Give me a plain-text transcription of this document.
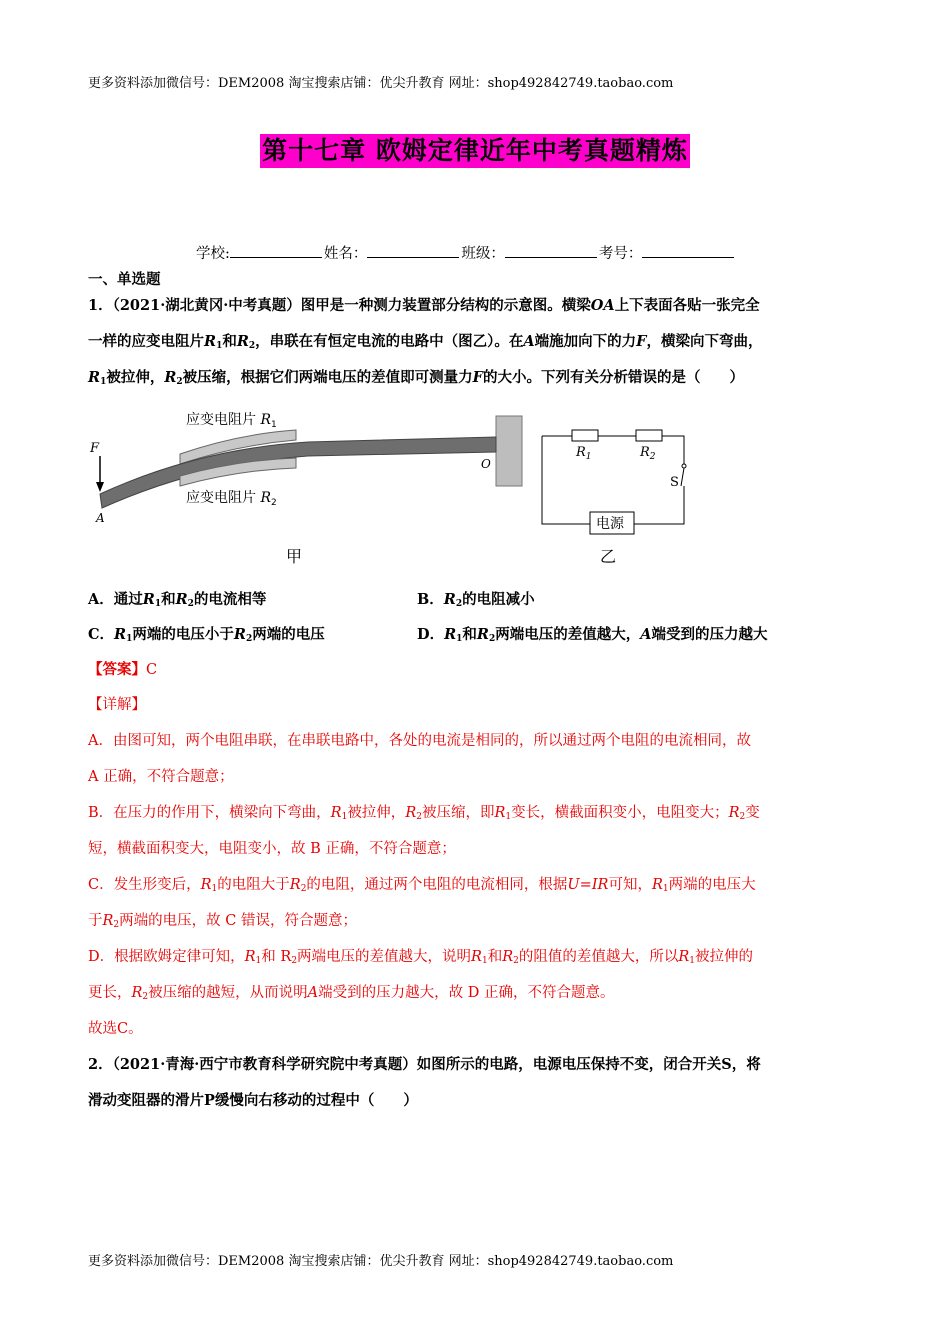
更多资料添加微信号：DEM2008 淘宝搜索店铺：优尖升教育 网址：shop492842749.taobao.com
第十七章 欧姆定律近年中考真题精炼
学校:	姓名：	班级：	考号：
一、单选题
1．（2021·湖北黄冈·中考真题）图甲是一种测力装置部分结构的示意图。横梁OA上下表面各贴一张完全
一样的应变电阻片$R_1$和$R_2$，串联在有恒定电流的电路中（图乙）。在A端施加向下的力F，横梁向下弯曲，
$R_1$被拉伸，$R_2$被压缩，根据它们两端电压的差值即可测量力F的大小。下列有关分析错误的是（　　）
F
A
O
应变电阻片 $R_1$
应变电阻片 $R_2$
甲
电源
S
$R_1$	$R_2$
乙
A．通过$R_1$和$R_2$的电流相等	B．$R_2$的电阻减小
C．$R_1$两端的电压小于$R_2$两端的电压	D．$R_1$和$R_2$两端电压的差值越大，A端受到的压力越大
【答案】C
【详解】
A．由图可知，两个电阻串联，在串联电路中，各处的电流是相同的，所以通过两个电阻的电流相同，故
A 正确，不符合题意；
B．在压力的作用下，横梁向下弯曲，$R_1$被拉伸，$R_2$被压缩，即$R_1$变长，横截面积变小，电阻变大；$R_2$变
短，横截面积变大，电阻变小，故 B 正确，不符合题意；
C．发生形变后，$R_1$的电阻大于$R_2$的电阻，通过两个电阻的电流相同，根据U=IR可知，$R_1$两端的电压大
于$R_2$两端的电压，故 C 错误，符合题意；
D．根据欧姆定律可知，$R_1$和 $R_2$两端电压的差值越大，说明$R_1$和$R_2$的阻值的差值越大，所以$R_1$被拉伸的
更长，$R_2$被压缩的越短，从而说明A端受到的压力越大，故 D 正确，不符合题意。
故选C。
2．（2021·青海·西宁市教育科学研究院中考真题）如图所示的电路，电源电压保持不变，闭合开关S，将
滑动变阻器的滑片P缓慢向右移动的过程中（　　）
更多资料添加微信号：DEM2008 淘宝搜索店铺：优尖升教育 网址：shop492842749.taobao.com
